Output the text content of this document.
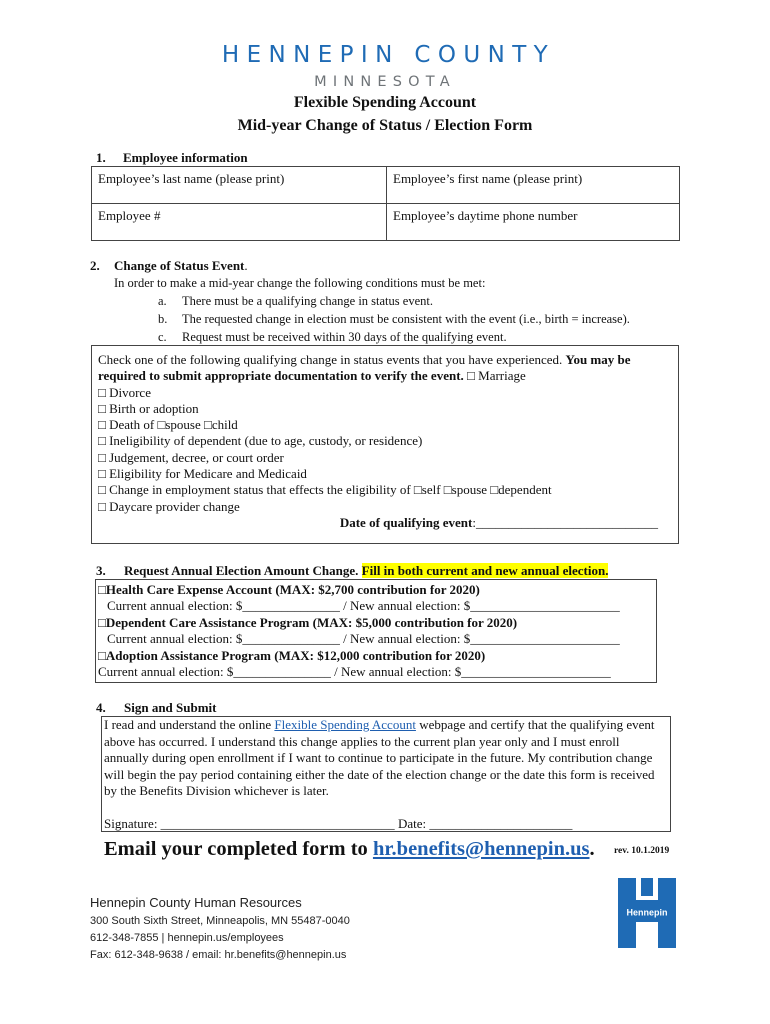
HENNEPIN COUNTY
MINNESOTA
Flexible Spending Account
Mid-year Change of Status / Election Form
1. Employee information
Employee’s last name (please print)	Employee’s first name (please print)
Employee #	Employee’s daytime phone number
2. Change of Status Event.
In order to make a mid-year change the following conditions must be met:
a. There must be a qualifying change in status event.
b. The requested change in election must be consistent with the event (i.e., birth = increase).
c. Request must be received within 30 days of the qualifying event.
Check one of the following qualifying change in status events that you have experienced. You may be required to submit appropriate documentation to verify the event. □ Marriage
□ Divorce
□ Birth or adoption
□ Death of □spouse □child
□ Ineligibility of dependent (due to age, custody, or residence)
□ Judgement, decree, or court order
□ Eligibility for Medicare and Medicaid
□ Change in employment status that effects the eligibility of □self □spouse □dependent
□ Daycare provider change
Date of qualifying event:____________________________
3. Request Annual Election Amount Change. Fill in both current and new annual election.
□Health Care Expense Account (MAX: $2,700 contribution for 2020)
Current annual election: $_______________ / New annual election: $_______________________
□Dependent Care Assistance Program (MAX: $5,000 contribution for 2020)
Current annual election: $_______________ / New annual election: $_______________________
□Adoption Assistance Program (MAX: $12,000 contribution for 2020)
Current annual election: $_______________ / New annual election: $_______________________
4. Sign and Submit
I read and understand the online Flexible Spending Account webpage and certify that the qualifying event above has occurred. I understand this change applies to the current plan year only and I must enroll annually during open enrollment if I want to continue to participate in the future. My contribution change will begin the pay period containing either the date of the election change or the date this form is received by the Benefits Division whichever is later.
Signature: ____________________________________ Date: ______________________
Email your completed form to hr.benefits@hennepin.us. rev. 10.1.2019
Hennepin County Human Resources
300 South Sixth Street, Minneapolis, MN 55487-0040
612-348-7855 | hennepin.us/employees
Fax: 612-348-9638 / email: hr.benefits@hennepin.us
Hennepin
